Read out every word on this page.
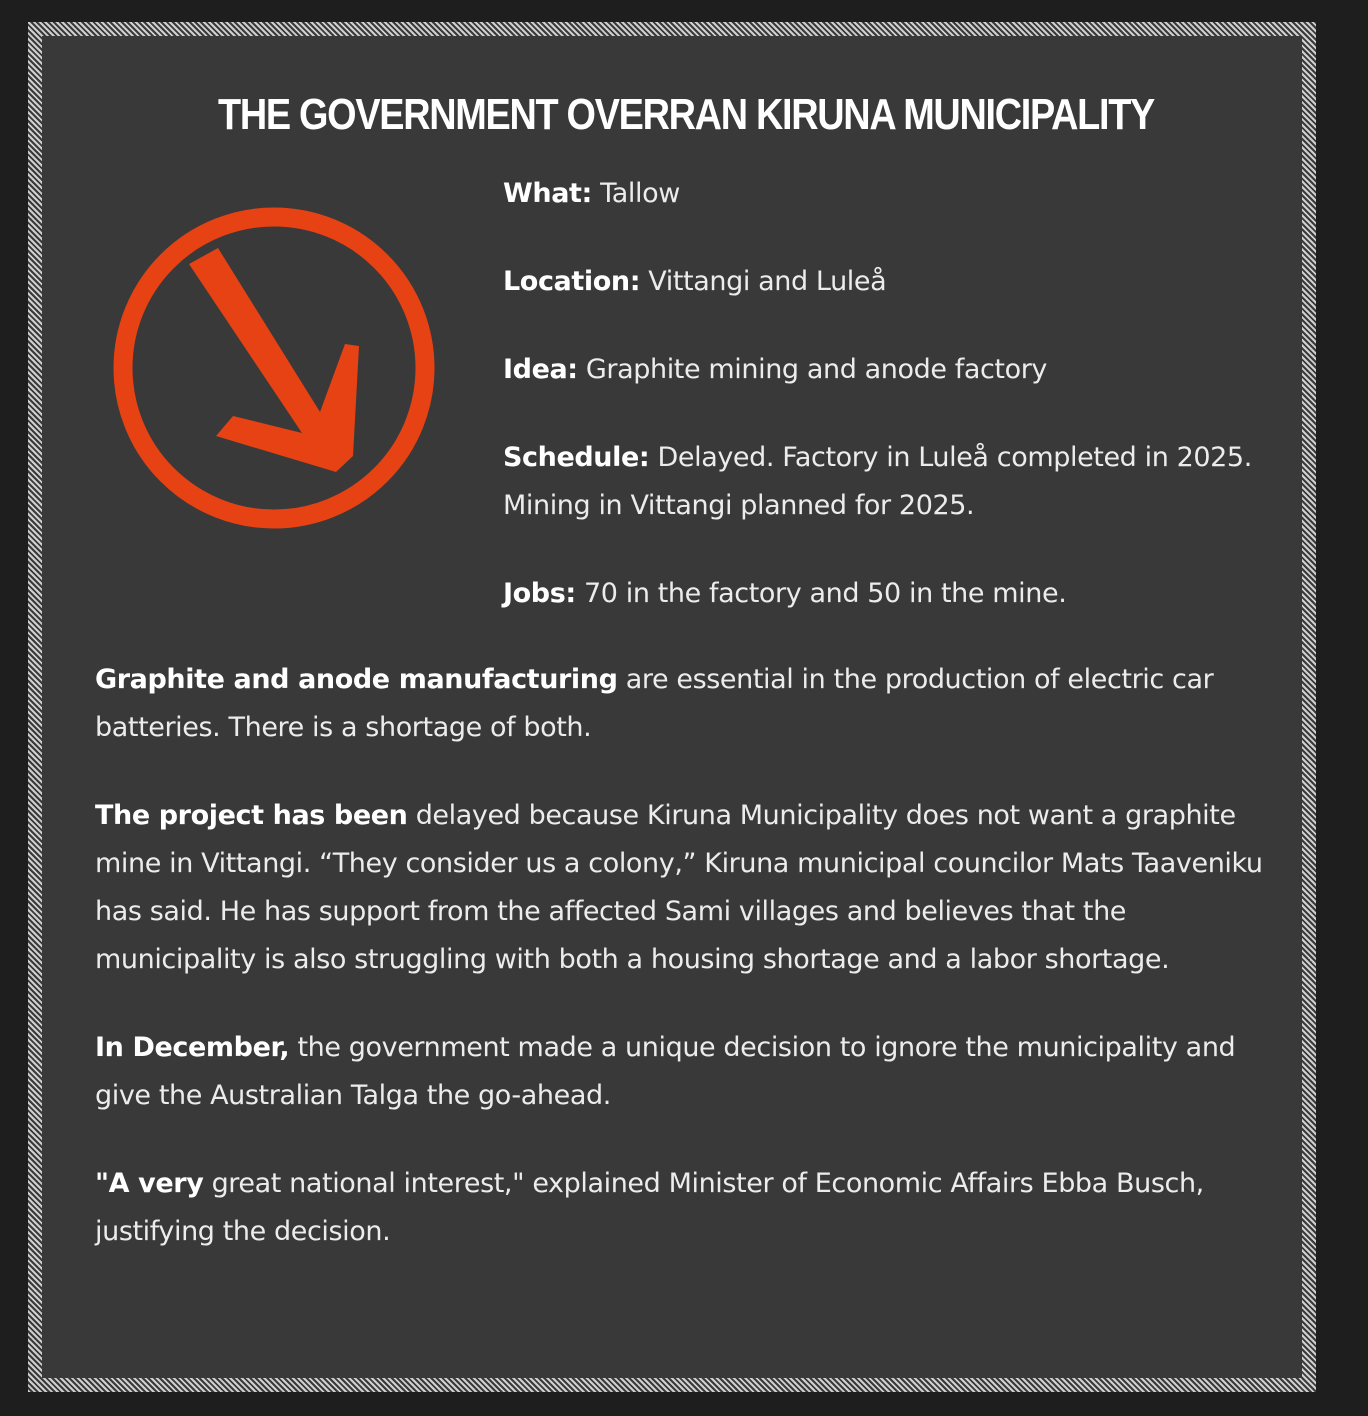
THE GOVERNMENT OVERRAN KIRUNA MUNICIPALITY

What: Tallow

Location: Vittangi and Luleå

Idea: Graphite mining and anode factory

Schedule: Delayed. Factory in Luleå completed in 2025. Mining in Vittangi planned for 2025.

Jobs: 70 in the factory and 50 in the mine.

Graphite and anode manufacturing are essential in the production of electric car batteries. There is a shortage of both.

The project has been delayed because Kiruna Municipality does not want a graphite mine in Vittangi. “They consider us a colony,” Kiruna municipal councilor Mats Taaveniku has said. He has support from the affected Sami villages and believes that the municipality is also struggling with both a housing shortage and a labor shortage.

In December, the government made a unique decision to ignore the municipality and give the Australian Talga the go-ahead.

"A very great national interest," explained Minister of Economic Affairs Ebba Busch, justifying the decision.
